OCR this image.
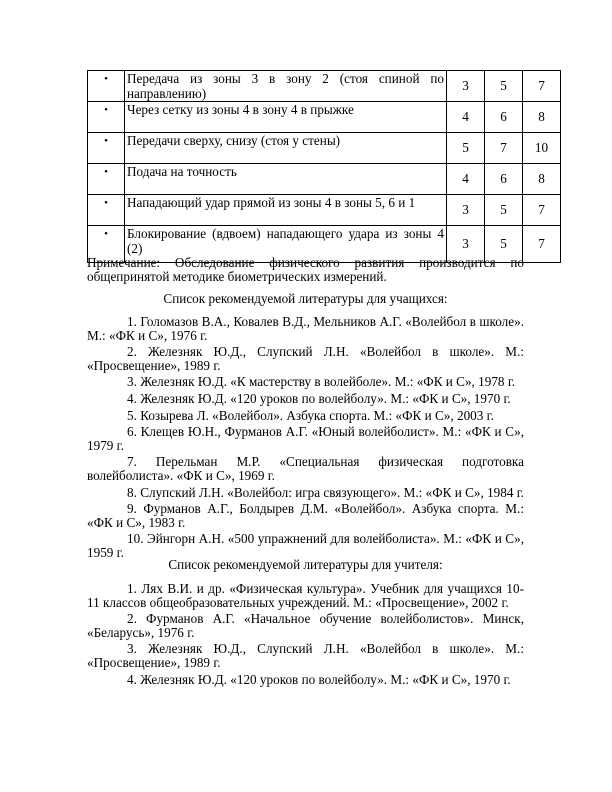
•	Передача из зоны 3 в зону 2 (стоя спиной по направлению)	3	5	7
•	Через сетку из зоны 4 в зону 4 в прыжке	4	6	8
•	Передачи сверху, снизу (стоя у стены)	5	7	10
•	Подача на точность	4	6	8
•	Нападающий удар прямой из зоны 4 в зоны 5, 6 и 1	3	5	7
•	Блокирование (вдвоем) нападающего удара из зоны 4 (2)	3	5	7
Примечание: Обследование физического развития производится по общепринятой методике биометрических измерений.
Список рекомендуемой литературы для учащихся:
1. Голомазов В.А., Ковалев В.Д., Мельников А.Г. «Волейбол в школе». М.: «ФК и С», 1976 г.
2. Железняк Ю.Д., Слупский Л.Н. «Волейбол в школе». М.: «Просвещение», 1989 г.
3. Железняк Ю.Д. «К мастерству в волейболе». М.: «ФК и С», 1978 г.
4. Железняк Ю.Д. «120 уроков по волейболу». М.: «ФК и С», 1970 г.
5. Козырева Л. «Волейбол». Азбука спорта. М.: «ФК и С», 2003 г.
6. Клещев Ю.Н., Фурманов А.Г. «Юный волейболист». М.: «ФК и С», 1979 г.
7. Перельман М.Р. «Специальная физическая подготовка волейболиста». «ФК и С», 1969 г.
8. Слупский Л.Н. «Волейбол: игра связующего». М.: «ФК и С», 1984 г.
9. Фурманов А.Г., Болдырев Д.М. «Волейбол». Азбука спорта. М.: «ФК и С», 1983 г.
10. Эйнгорн А.Н. «500 упражнений для волейболиста». М.: «ФК и С», 1959 г.
Список рекомендуемой литературы для учителя:
1. Лях В.И. и др. «Физическая культура». Учебник для учащихся 10-11 классов общеобразовательных учреждений. М.: «Просвещение», 2002 г.
2. Фурманов А.Г. «Начальное обучение волейболистов». Минск, «Беларусь», 1976 г.
3. Железняк Ю.Д., Слупский Л.Н. «Волейбол в школе». М.: «Просвещение», 1989 г.
4. Железняк Ю.Д. «120 уроков по волейболу». М.: «ФК и С», 1970 г.
